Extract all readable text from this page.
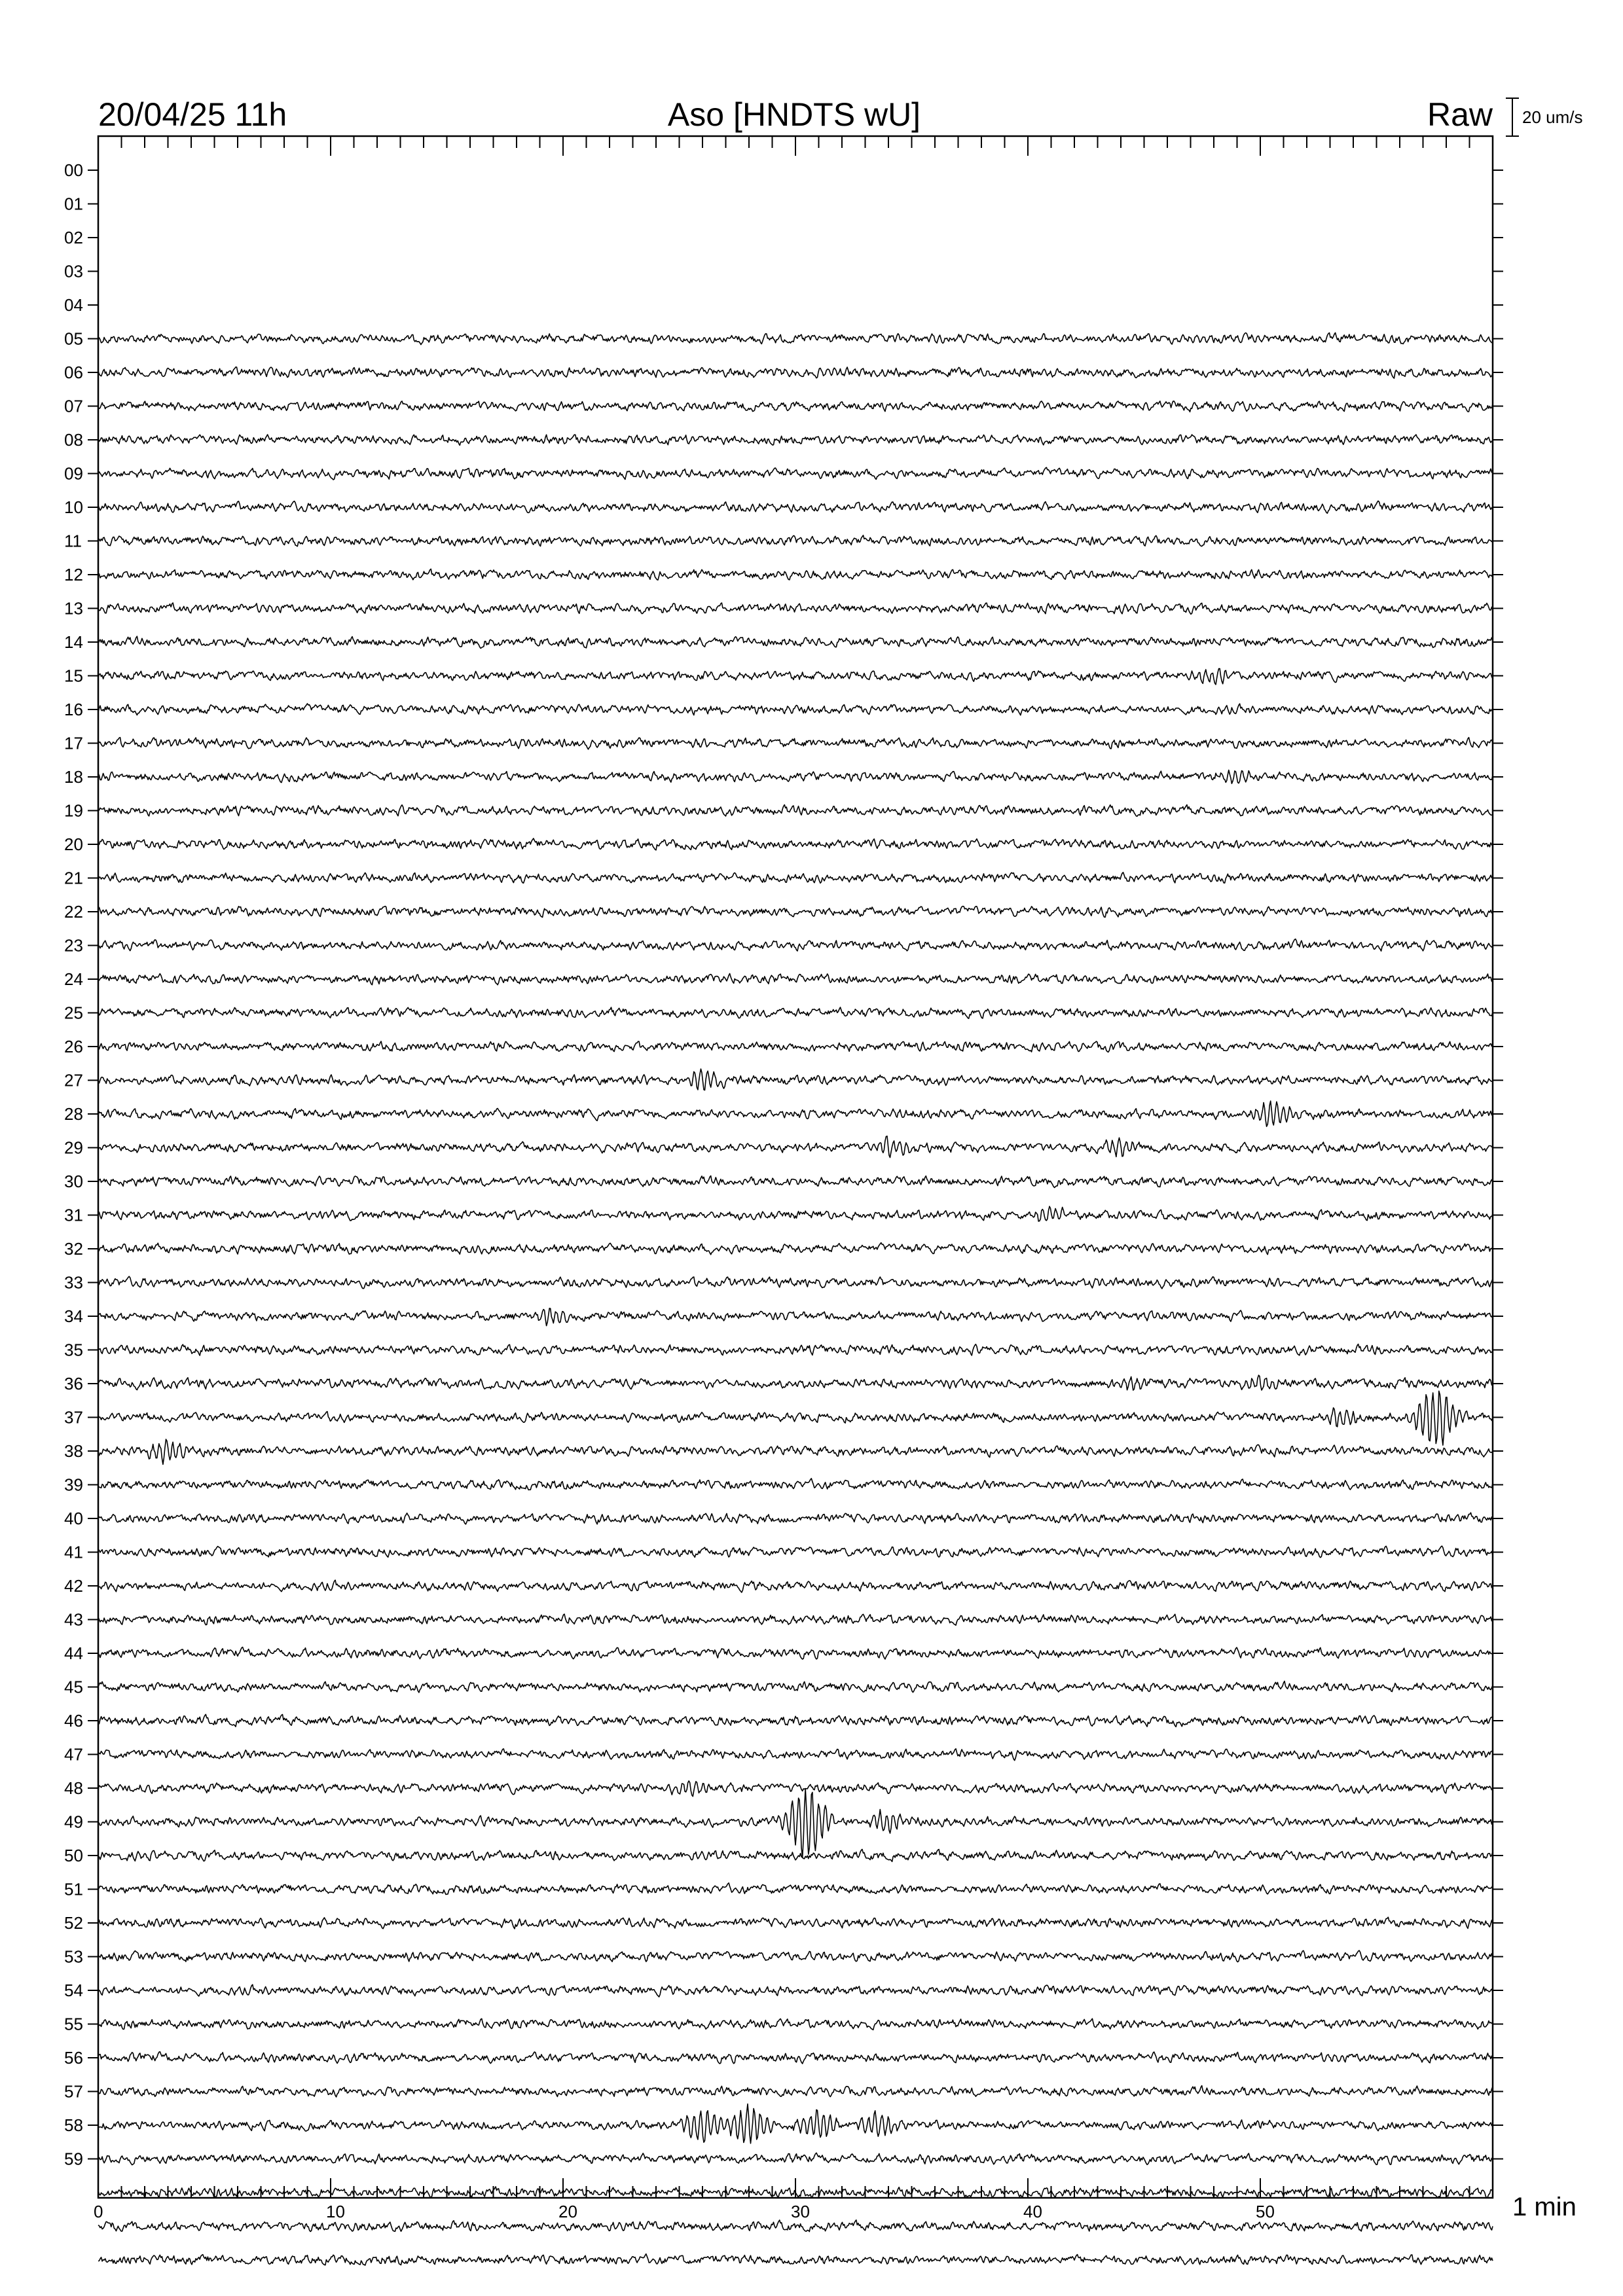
20/04/25 11h	Aso [HNDTS wU]	Raw 20 um/s
00
01
02
03
04
05
06
07
08
09
10
11
12
13
14
15
16
17
18
19
20
21
22
23
24
25
26
27
28
29
30
31
32
33
34
35
36
37
38
39
40
41
42
43
44
45
46
47
48
49
50
51
52
53
54
55
56
57
58
59
0	10	20	30	40	50	1 min
